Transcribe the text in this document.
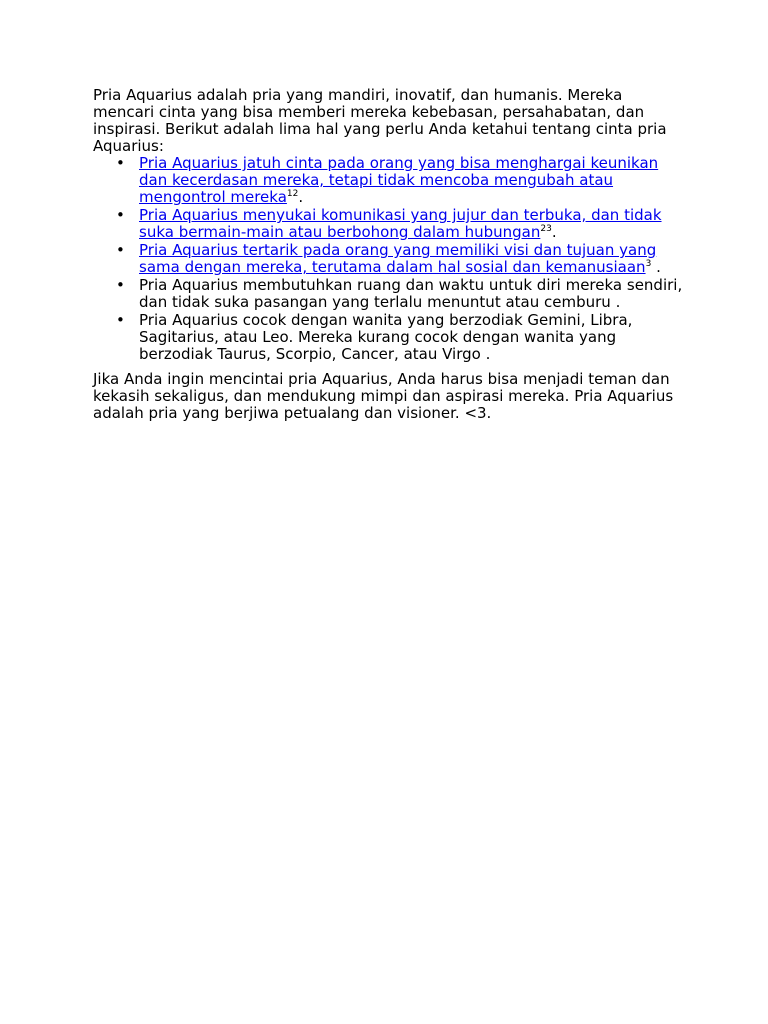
Pria Aquarius adalah pria yang mandiri, inovatif, dan humanis. Mereka mencari cinta yang bisa memberi mereka kebebasan, persahabatan, dan inspirasi. Berikut adalah lima hal yang perlu Anda ketahui tentang cinta pria Aquarius:

• Pria Aquarius jatuh cinta pada orang yang bisa menghargai keunikan dan kecerdasan mereka, tetapi tidak mencoba mengubah atau mengontrol mereka$^{12}$.
• Pria Aquarius menyukai komunikasi yang jujur dan terbuka, dan tidak suka bermain-main atau berbohong dalam hubungan$^{23}$.
• Pria Aquarius tertarik pada orang yang memiliki visi dan tujuan yang sama dengan mereka, terutama dalam hal sosial dan kemanusiaan$^3$ .
• Pria Aquarius membutuhkan ruang dan waktu untuk diri mereka sendiri, dan tidak suka pasangan yang terlalu menuntut atau cemburu .
• Pria Aquarius cocok dengan wanita yang berzodiak Gemini, Libra, Sagitarius, atau Leo. Mereka kurang cocok dengan wanita yang berzodiak Taurus, Scorpio, Cancer, atau Virgo .

Jika Anda ingin mencintai pria Aquarius, Anda harus bisa menjadi teman dan kekasih sekaligus, dan mendukung mimpi dan aspirasi mereka. Pria Aquarius adalah pria yang berjiwa petualang dan visioner. <3.
